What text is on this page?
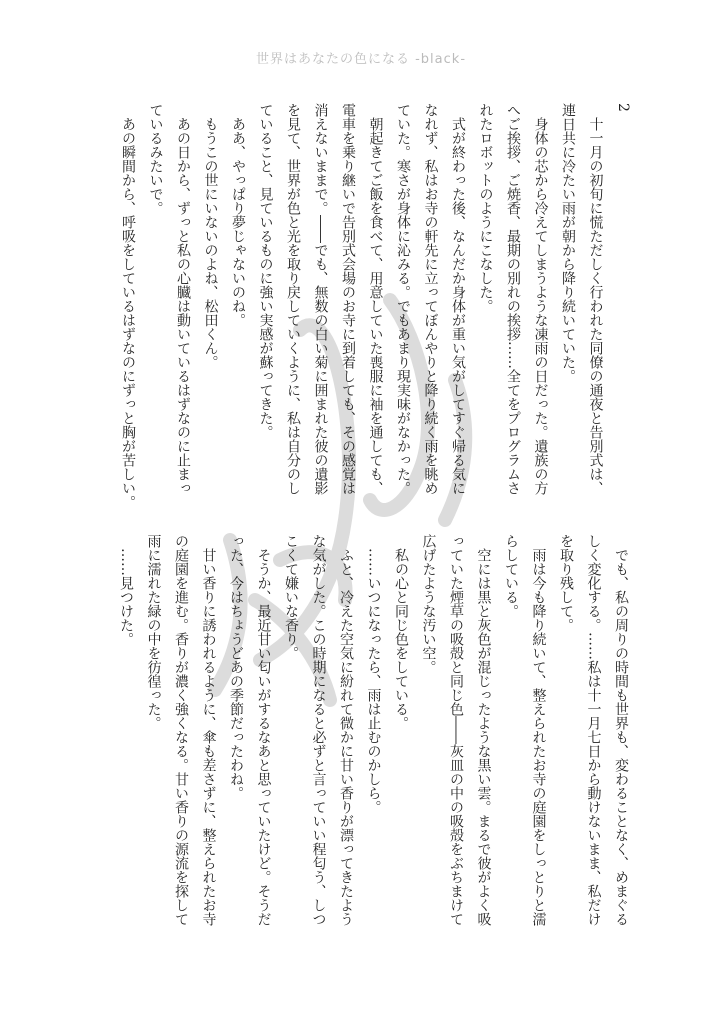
世界はあなたの色になる -black-
2
　十一月の初旬に慌ただしく行われた同僚の通夜と告別式は、
連日共に冷たい雨が朝から降り続いていた。
　身体の芯から冷えてしまうような凍雨の日だった。遺族の方
へご挨拶、ご焼香、最期の別れの挨拶……全てをプログラムさ
れたロボットのようにこなした。
　式が終わった後、なんだか身体が重い気がしてすぐ帰る気に
なれず、私はお寺の軒先に立ってぼんやりと降り続く雨を眺め
ていた。寒さが身体に沁みる。でもあまり現実味がなかった。
　朝起きてご飯を食べて、用意していた喪服に袖を通しても、
電車を乗り継いで告別式会場のお寺に到着しても、その感覚は
消えないままで。――でも、無数の白い菊に囲まれた彼の遺影
を見て、世界が色と光を取り戻していくように、私は自分のし
ていること、見ているものに強い実感が蘇ってきた。
　ああ、やっぱり夢じゃないのね。
　もうこの世にいないのよね、松田くん。
　あの日から、ずっと私の心臓は動いているはずなのに止まっ
ているみたいで。
　あの瞬間から、呼吸をしているはずなのにずっと胸が苦しい。
　でも、私の周りの時間も世界も、変わることなく、めまぐる
しく変化する。……私は十一月七日から動けないまま、私だけ
を取り残して。
　雨は今も降り続いて、整えられたお寺の庭園をしっとりと濡
らしている。
　空には黒と灰色が混じったような黒い雲。まるで彼がよく吸
っていた煙草の吸殻と同じ色――灰皿の中の吸殻をぶちまけて
広げたような汚い空。
　私の心と同じ色をしている。
　……いつになったら、雨は止むのかしら。
　ふと、冷えた空気に紛れて微かに甘い香りが漂ってきたよう
な気がした。この時期になると必ずと言っていい程匂う、しつ
こくて嫌いな香り。
　そうか、最近甘い匂いがするなあと思っていたけど。そうだ
った、今はちょうどあの季節だったわね。
　甘い香りに誘われるように、傘も差さずに、整えられたお寺
の庭園を進む。香りが濃く強くなる。甘い香りの源流を探して
雨に濡れた緑の中を彷徨った。
　……見つけた。
